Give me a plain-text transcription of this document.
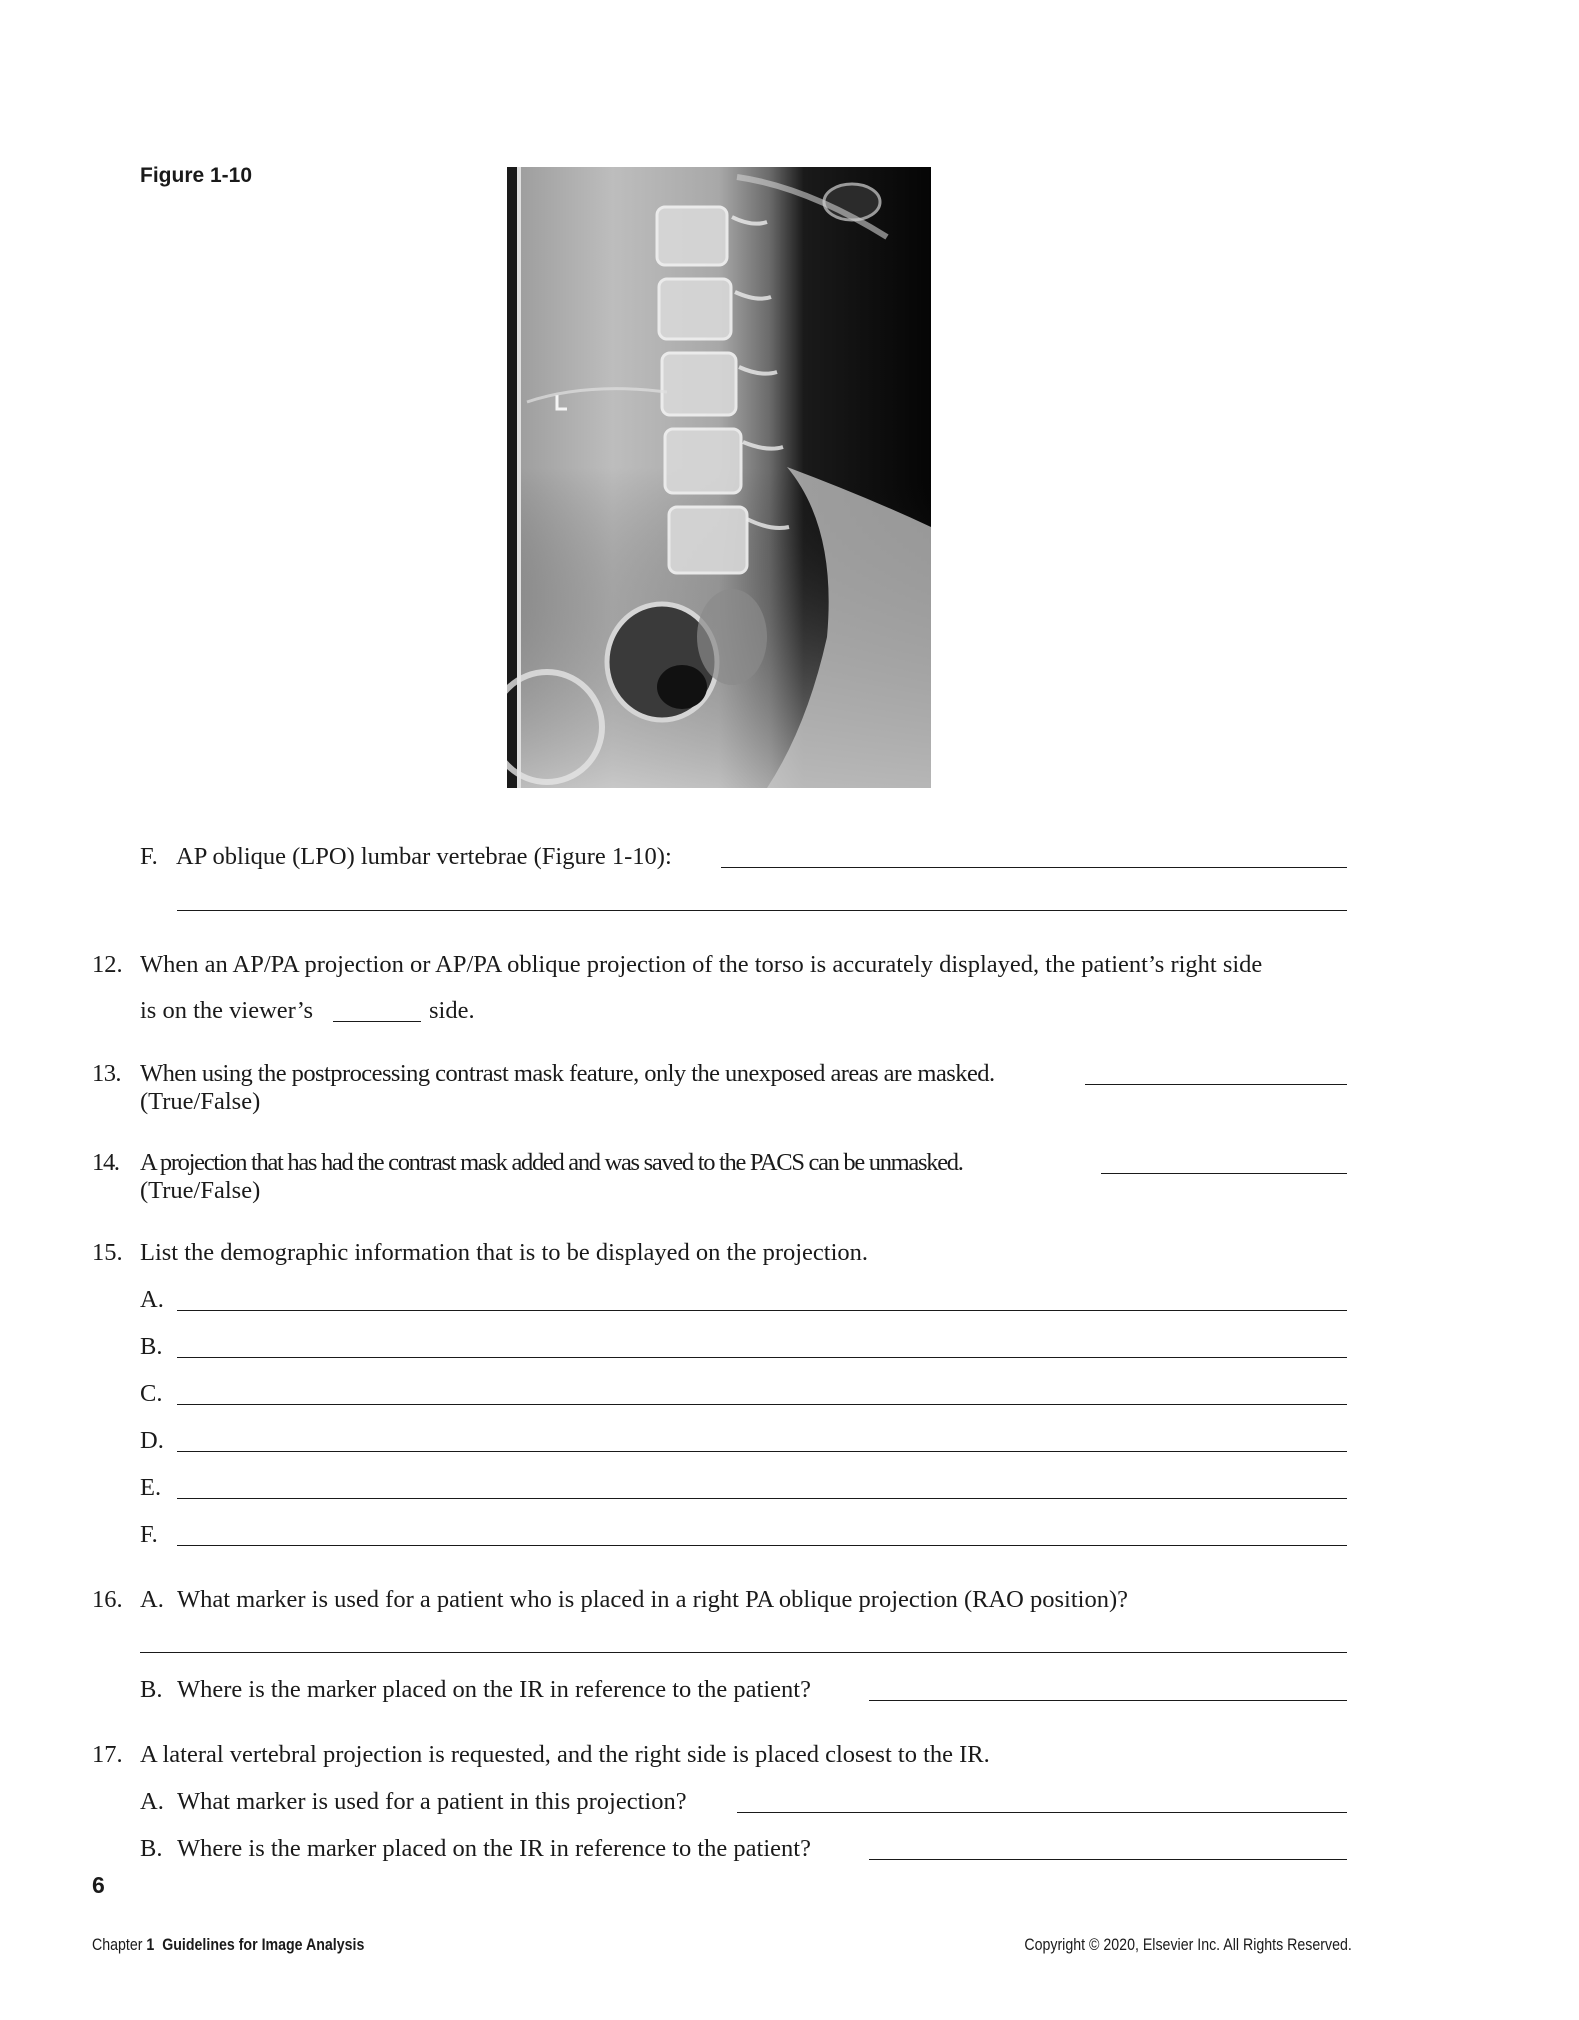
Figure 1-10
F. AP oblique (LPO) lumbar vertebrae (Figure 1-10):
12. When an AP/PA projection or AP/PA oblique projection of the torso is accurately displayed, the patient’s right side
is on the viewer’s	side.
13. When using the postprocessing contrast mask feature, only the unexposed areas are masked.
(True/False)
14. A projection that has had the contrast mask added and was saved to the PACS can be unmasked.
(True/False)
15. List the demographic information that is to be displayed on the projection.
A.
B.
C.
D.
E.
F.
16. A. What marker is used for a patient who is placed in a right PA oblique projection (RAO position)?
B. Where is the marker placed on the IR in reference to the patient?
17. A lateral vertebral projection is requested, and the right side is placed closest to the IR.
A. What marker is used for a patient in this projection?
B. Where is the marker placed on the IR in reference to the patient?
6
Chapter 1 Guidelines for Image Analysis	Copyright © 2020, Elsevier Inc. All Rights Reserved.
